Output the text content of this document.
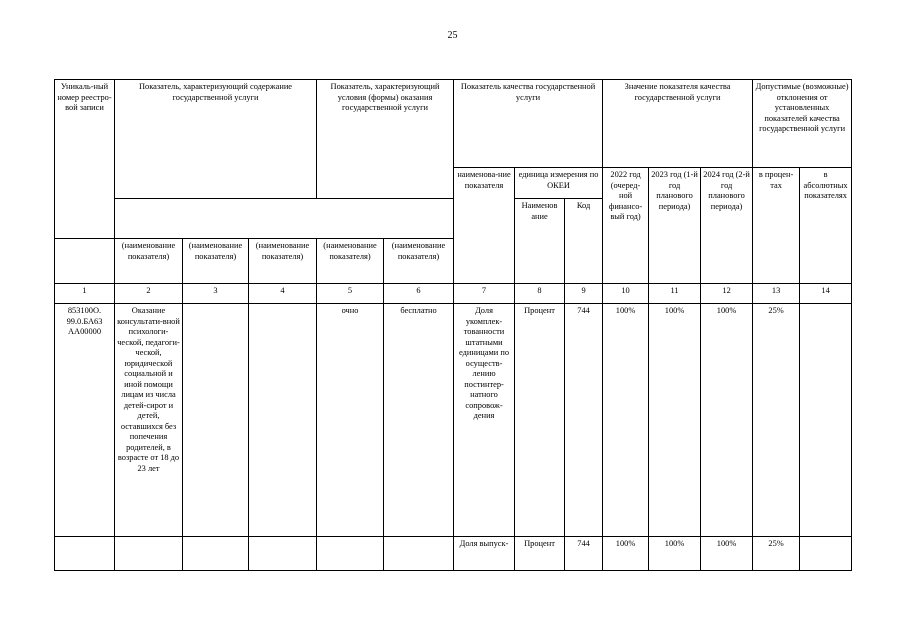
25
Уникаль-ный номер реестро-вой записи	Показатель, характеризующий содержание государственной услуги			Показатель, характеризующий условия (формы) оказания государственной услуги		Показатель качества государственной услуги			Значение показателя качества государственной услуги			Допустимые (возможные) отклонения от установленных показателей качества государственной услуги	
						наименова-ние показателя	единица измерения по ОКЕИ		2022 год (очеред-ной финансо-вый год)	2023 год (1-й год планового периода)	2024 год (2-й год планового периода)	в процен-тах	в абсолютных показателях
							Наименов ание	Код					
	(наименование показателя)	(наименование показателя)	(наименование показателя)	(наименование показателя)	(наименование показателя)								
1	2	3	4	5	6	7	8	9	10	11	12	13	14
853100О. 99.0.БА63 АА00000	Оказание консультати-вной психологи-ческой, педагоги-ческой, юридической социальной и иной помощи лицам из числа детей-сирот и детей, оставшихся без попечения родителей, в возрасте от 18 до 23 лет			очно	бесплатно	Доля укомплек-тованности штатными единицами по осуществ-лению постинтер-натного сопровож-дения	Процент	744	100%	100%	100%	25%	
						Доля выпуск-	Процент	744	100%	100%	100%	25%	
